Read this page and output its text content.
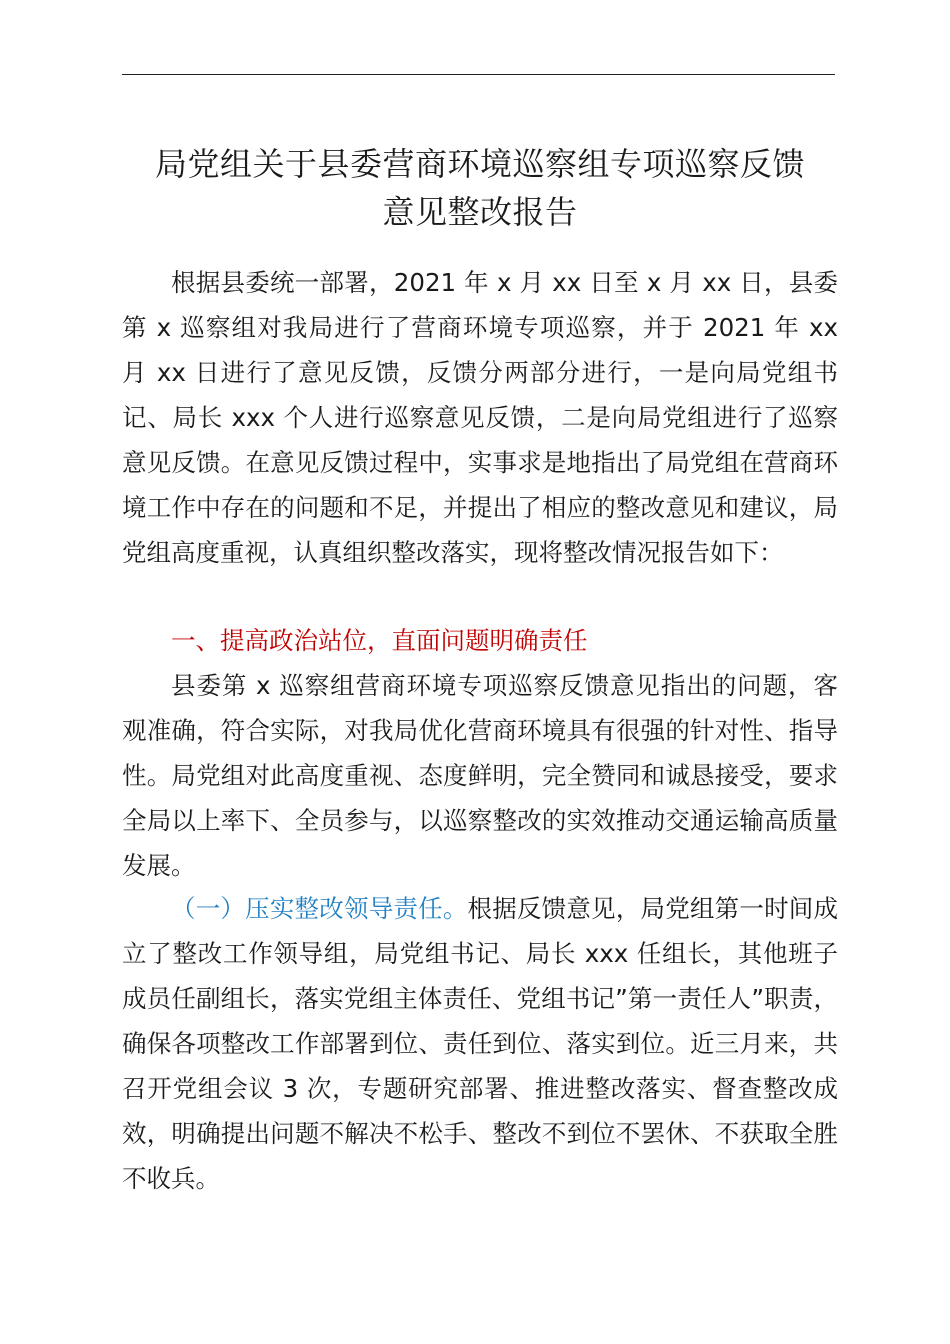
局党组关于县委营商环境巡察组专项巡察反馈
意见整改报告

根据县委统一部署，2021 年 x 月 xx 日至 x 月 xx 日，县委第 x 巡察组对我局进行了营商环境专项巡察，并于 2021 年 xx 月 xx 日进行了意见反馈，反馈分两部分进行，一是向局党组书记、局长 xxx 个人进行巡察意见反馈，二是向局党组进行了巡察意见反馈。在意见反馈过程中，实事求是地指出了局党组在营商环境工作中存在的问题和不足，并提出了相应的整改意见和建议，局党组高度重视，认真组织整改落实，现将整改情况报告如下：

一、提高政治站位，直面问题明确责任

县委第 x 巡察组营商环境专项巡察反馈意见指出的问题，客观准确，符合实际，对我局优化营商环境具有很强的针对性、指导性。局党组对此高度重视、态度鲜明，完全赞同和诚恳接受，要求全局以上率下、全员参与，以巡察整改的实效推动交通运输高质量发展。

（一）压实整改领导责任。根据反馈意见，局党组第一时间成立了整改工作领导组，局党组书记、局长 xxx 任组长，其他班子成员任副组长，落实党组主体责任、党组书记”第一责任人”职责，确保各项整改工作部署到位、责任到位、落实到位。近三月来，共召开党组会议 3 次，专题研究部署、推进整改落实、督查整改成效，明确提出问题不解决不松手、整改不到位不罢休、不获取全胜不收兵。
